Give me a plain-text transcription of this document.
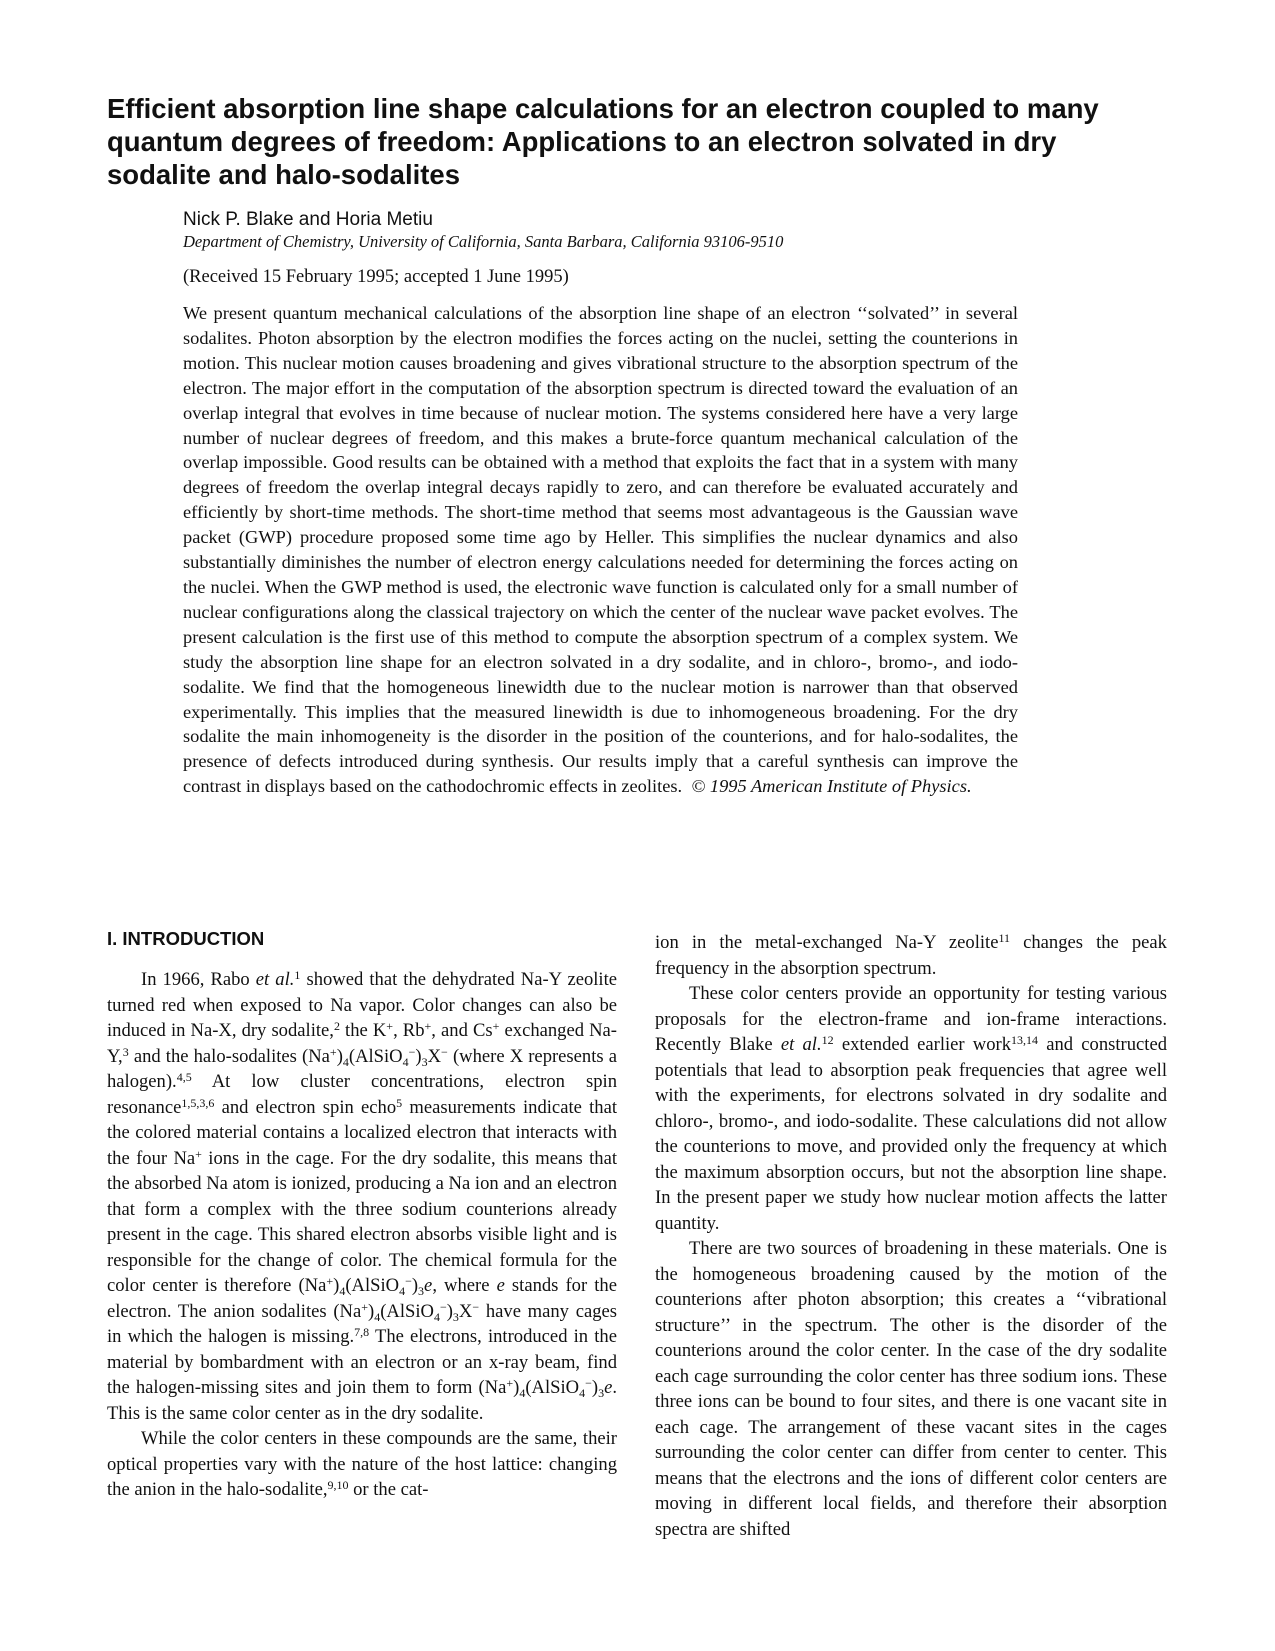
Efficient absorption line shape calculations for an electron coupled to many quantum degrees of freedom: Applications to an electron solvated in dry sodalite and halo-sodalites
Nick P. Blake and Horia Metiu
Department of Chemistry, University of California, Santa Barbara, California 93106-9510
(Received 15 February 1995; accepted 1 June 1995)

We present quantum mechanical calculations of the absorption line shape of an electron ‘‘solvated’’ in several sodalites. Photon absorption by the electron modifies the forces acting on the nuclei, setting the counterions in motion. This nuclear motion causes broadening and gives vibrational structure to the absorption spectrum of the electron. The major effort in the computation of the absorption spectrum is directed toward the evaluation of an overlap integral that evolves in time because of nuclear motion. The systems considered here have a very large number of nuclear degrees of freedom, and this makes a brute-force quantum mechanical calculation of the overlap impossible. Good results can be obtained with a method that exploits the fact that in a system with many degrees of freedom the overlap integral decays rapidly to zero, and can therefore be evaluated accurately and efficiently by short-time methods. The short-time method that seems most advantageous is the Gaussian wave packet (GWP) procedure proposed some time ago by Heller. This simplifies the nuclear dynamics and also substantially diminishes the number of electron energy calculations needed for determining the forces acting on the nuclei. When the GWP method is used, the electronic wave function is calculated only for a small number of nuclear configurations along the classical trajectory on which the center of the nuclear wave packet evolves. The present calculation is the first use of this method to compute the absorption spectrum of a complex system. We study the absorption line shape for an electron solvated in a dry sodalite, and in chloro-, bromo-, and iodo-sodalite. We find that the homogeneous linewidth due to the nuclear motion is narrower than that observed experimentally. This implies that the measured linewidth is due to inhomogeneous broadening. For the dry sodalite the main inhomogeneity is the disorder in the position of the counterions, and for halo-sodalites, the presence of defects introduced during synthesis. Our results imply that a careful synthesis can improve the contrast in displays based on the cathodochromic effects in zeolites. © 1995 American Institute of Physics.

I. INTRODUCTION

In 1966, Rabo et al.$^1$ showed that the dehydrated Na-Y zeolite turned red when exposed to Na vapor. Color changes can also be induced in Na-X, dry sodalite,$^2$ the K+, Rb+, and Cs+ exchanged Na-Y,$^3$ and the halo-sodalites $(Na^+)_4(AlSiO_4^-)_3X^-$ (where X represents a halogen).$^{4,5}$ At low cluster concentrations, electron spin resonance$^{1,5,3,6}$ and electron spin echo$^5$ measurements indicate that the colored material contains a localized electron that interacts with the four Na+ ions in the cage. For the dry sodalite, this means that the absorbed Na atom is ionized, producing a Na ion and an electron that form a complex with the three sodium counterions already present in the cage. This shared electron absorbs visible light and is responsible for the change of color. The chemical formula for the color center is therefore $(Na^+)_4(AlSiO_4^-)_3e$, where e stands for the electron. The anion sodalites $(Na^+)_4(AlSiO_4^-)_3X^-$ have many cages in which the halogen is missing.$^{7,8}$ The electrons, introduced in the material by bombardment with an electron or an x-ray beam, find the halogen-missing sites and join them to form $(Na^+)_4(AlSiO_4^-)_3e$. This is the same color center as in the dry sodalite.

While the color centers in these compounds are the same, their optical properties vary with the nature of the host lattice: changing the anion in the halo-sodalite,$^{9,10}$ or the cat-

ion in the metal-exchanged Na-Y zeolite$^{11}$ changes the peak frequency in the absorption spectrum.

These color centers provide an opportunity for testing various proposals for the electron-frame and ion-frame interactions. Recently Blake et al.$^{12}$ extended earlier work$^{13,14}$ and constructed potentials that lead to absorption peak frequencies that agree well with the experiments, for electrons solvated in dry sodalite and chloro-, bromo-, and iodo-sodalite. These calculations did not allow the counterions to move, and provided only the frequency at which the maximum absorption occurs, but not the absorption line shape. In the present paper we study how nuclear motion affects the latter quantity.

There are two sources of broadening in these materials. One is the homogeneous broadening caused by the motion of the counterions after photon absorption; this creates a ‘‘vibrational structure’’ in the spectrum. The other is the disorder of the counterions around the color center. In the case of the dry sodalite each cage surrounding the color center has three sodium ions. These three ions can be bound to four sites, and there is one vacant site in each cage. The arrangement of these vacant sites in the cages surrounding the color center can differ from center to center. This means that the electrons and the ions of different color centers are moving in different local fields, and therefore their absorption spectra are shifted
